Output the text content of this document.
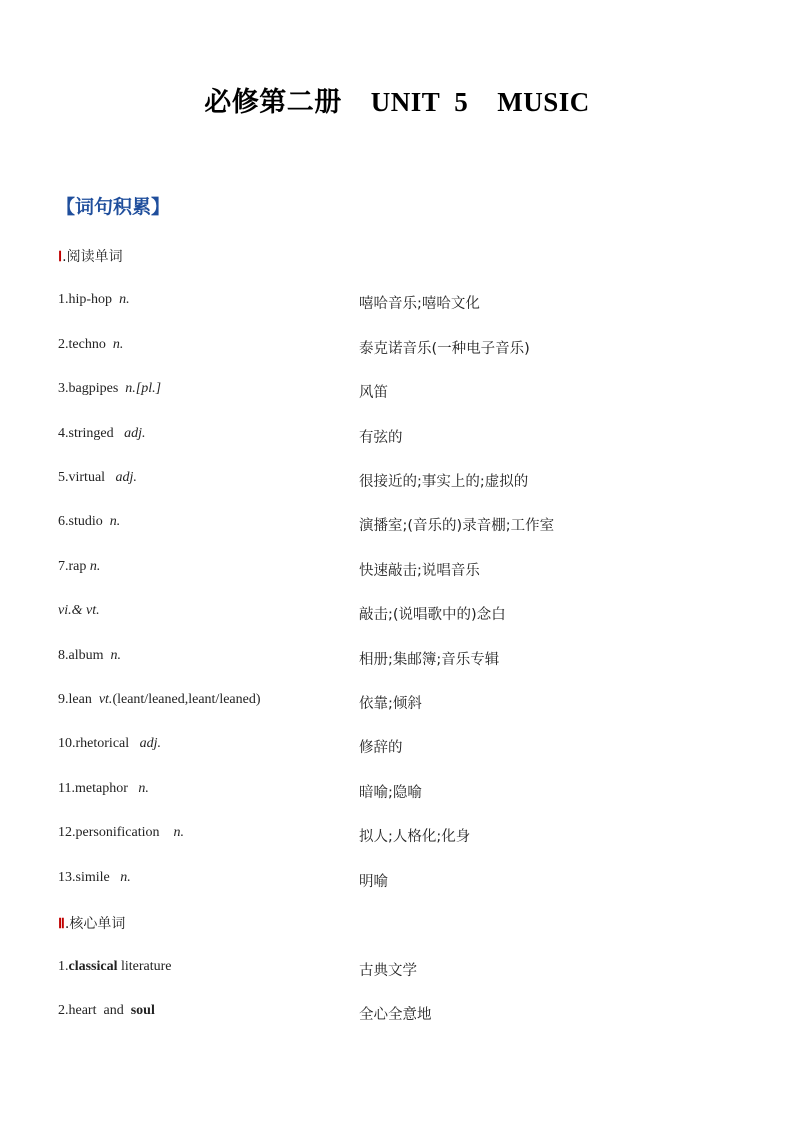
必修第二册    UNIT  5    MUSIC
【词句积累】
Ⅰ.阅读单词
1.hip-hop n.	嘻哈音乐;嘻哈文化
2.techno n.	泰克诺音乐(一种电子音乐)
3.bagpipes n.[pl.]	风笛
4.stringed adj.	有弦的
5.virtual adj.	很接近的;事实上的;虚拟的
6.studio n.	演播室;(音乐的)录音棚;工作室
7.rap n.	快速敲击;说唱音乐
vi.& vt.	敲击;(说唱歌中的)念白
8.album n.	相册;集邮簿;音乐专辑
9.lean vt.(leant/leaned,leant/leaned)	依靠;倾斜
10.rhetorical adj.	修辞的
11.metaphor n.	暗喻;隐喻
12.personification n.	拟人;人格化;化身
13.simile n.	明喻
Ⅱ.核心单词
1.classical literature	古典文学
2.heart  and  soul	全心全意地
